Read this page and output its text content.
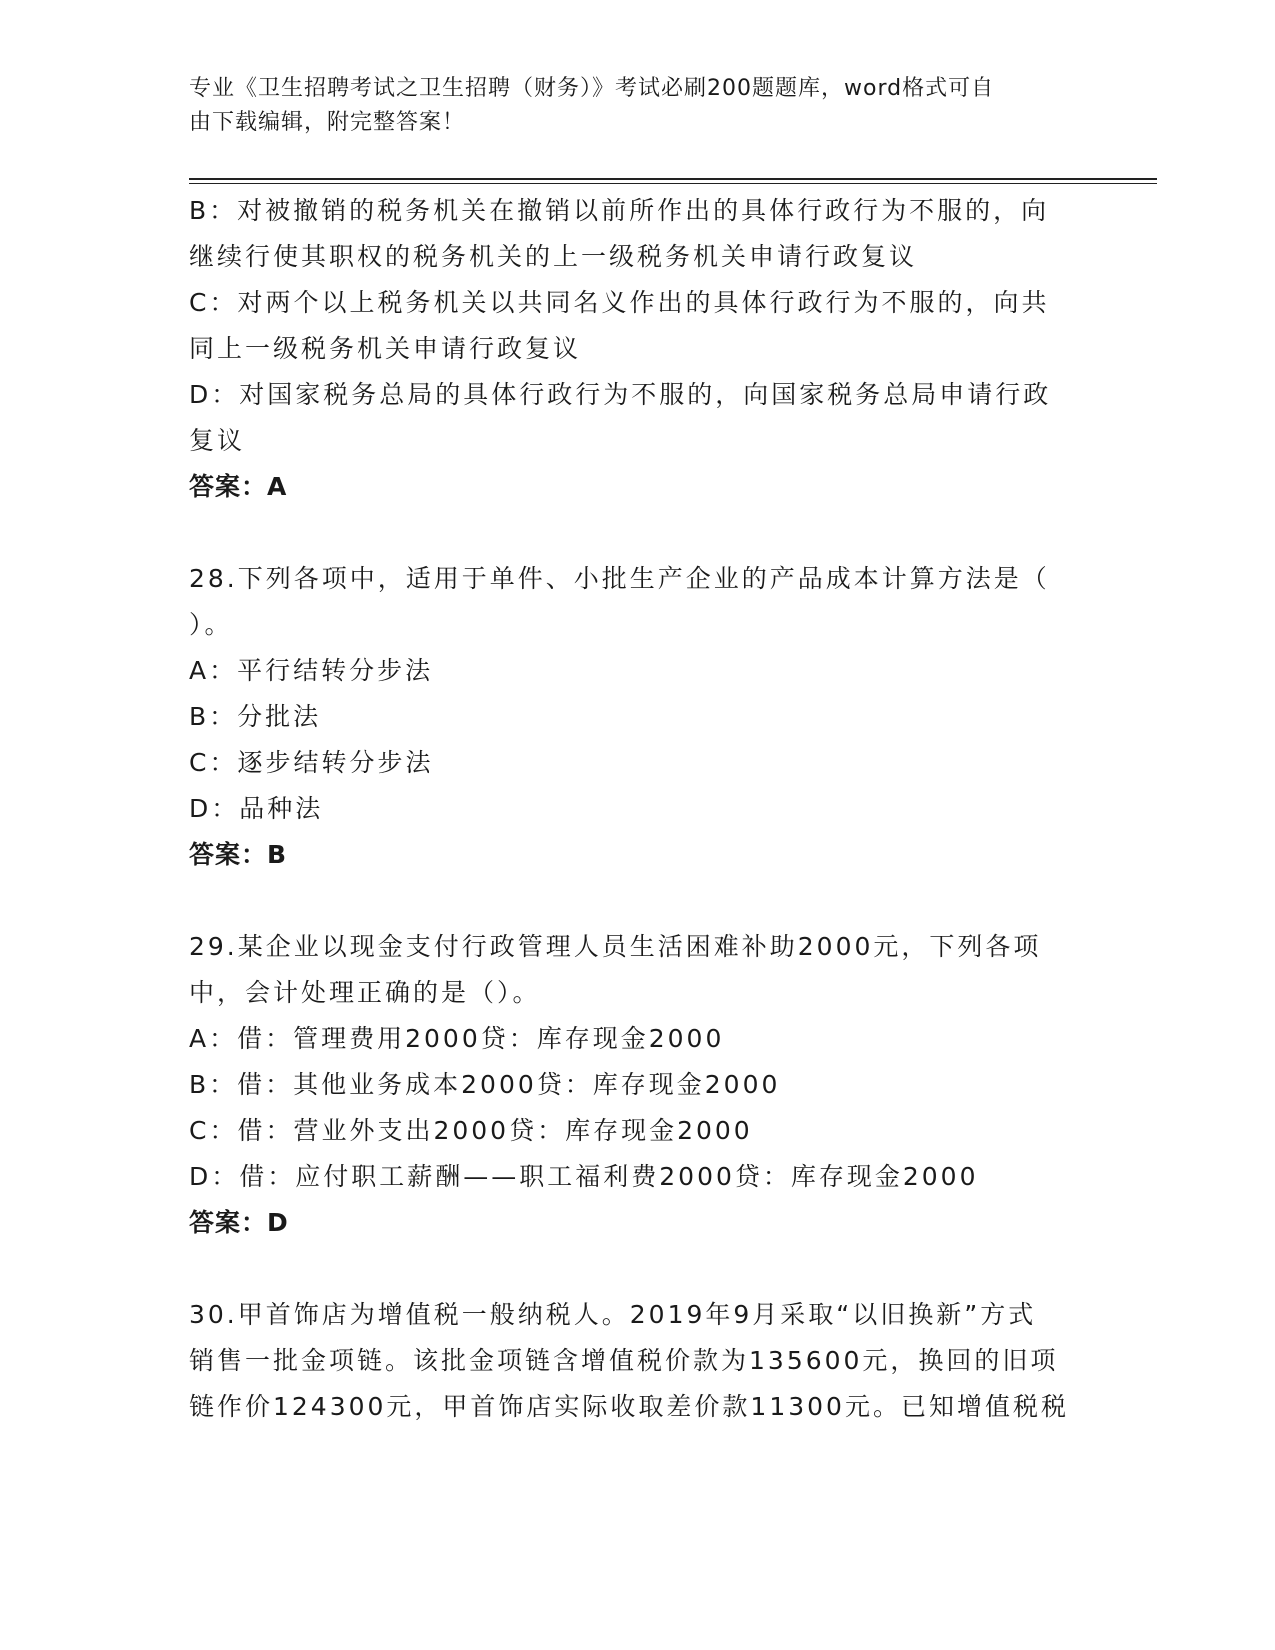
专业《卫生招聘考试之卫生招聘（财务）》考试必刷200题题库，word格式可自
由下载编辑，附完整答案！
B：对被撤销的税务机关在撤销以前所作出的具体行政行为不服的，向
继续行使其职权的税务机关的上一级税务机关申请行政复议
C：对两个以上税务机关以共同名义作出的具体行政行为不服的，向共
同上一级税务机关申请行政复议
D：对国家税务总局的具体行政行为不服的，向国家税务总局申请行政
复议
答案：A
28.下列各项中，适用于单件、小批生产企业的产品成本计算方法是（
）。
A：平行结转分步法
B：分批法
C：逐步结转分步法
D：品种法
答案：B
29.某企业以现金支付行政管理人员生活困难补助2000元，下列各项
中，会计处理正确的是（）。
A：借：管理费用2000贷：库存现金2000
B：借：其他业务成本2000贷：库存现金2000
C：借：营业外支出2000贷：库存现金2000
D：借：应付职工薪酬——职工福利费2000贷：库存现金2000
答案：D
30.甲首饰店为增值税一般纳税人。2019年9月采取“以旧换新”方式
销售一批金项链。该批金项链含增值税价款为135600元，换回的旧项
链作价124300元，甲首饰店实际收取差价款11300元。已知增值税税
